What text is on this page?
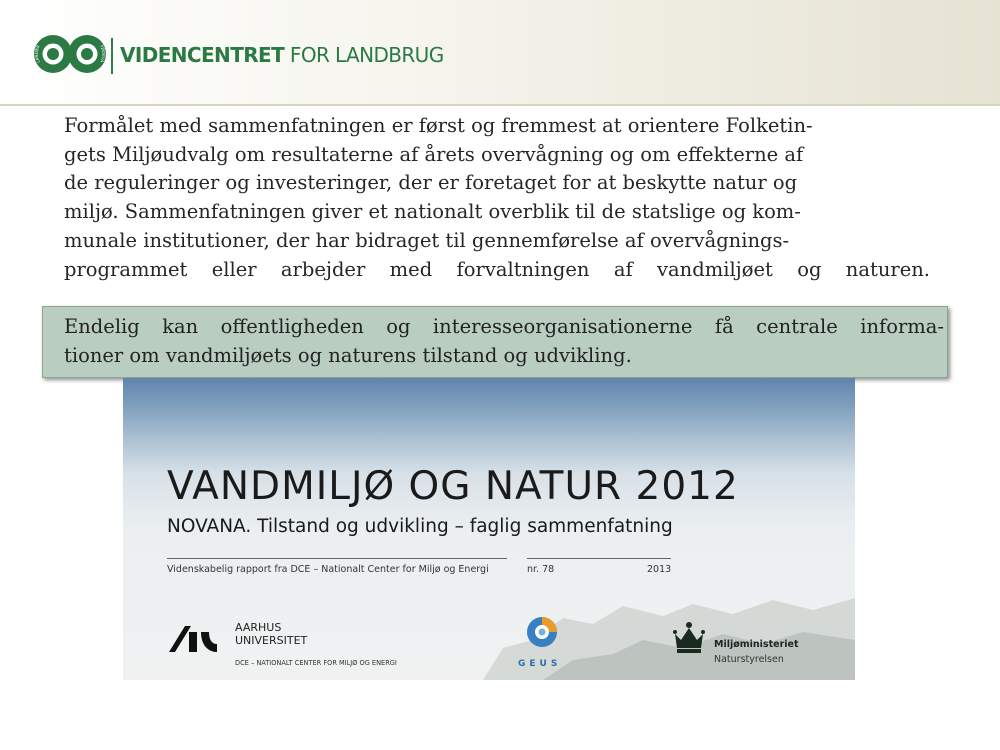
LANDBR	FØDEVA VIDENCENTRET FOR LANDBRUG

Formålet med sammenfatningen er først og fremmest at orientere Folketin-

gets Miljøudvalg om resultaterne af årets overvågning og om effekterne af

de reguleringer og investeringer, der er foretaget for at beskytte natur og

miljø. Sammenfatningen giver et nationalt overblik til de statslige og kom-

munale institutioner, der har bidraget til gennemførelse af overvågnings-

programmet eller arbejder med forvaltningen af vandmiljøet og naturen.

Endelig kan offentligheden og interesseorganisationerne få centrale informa-
tioner om vandmiljøets og naturens tilstand og udvikling.
VANDMILJØ OG NATUR 2012
NOVANA. Tilstand og udvikling – faglig sammenfatning
Videnskabelig rapport fra DCE – Nationalt Center for Miljø og Energi	nr. 78	2013
AARHUS
UNIVERSITET
DCE – NATIONALT CENTER FOR MILJØ OG ENERGI	GEUS
Miljøministeriet
Naturstyrelsen
